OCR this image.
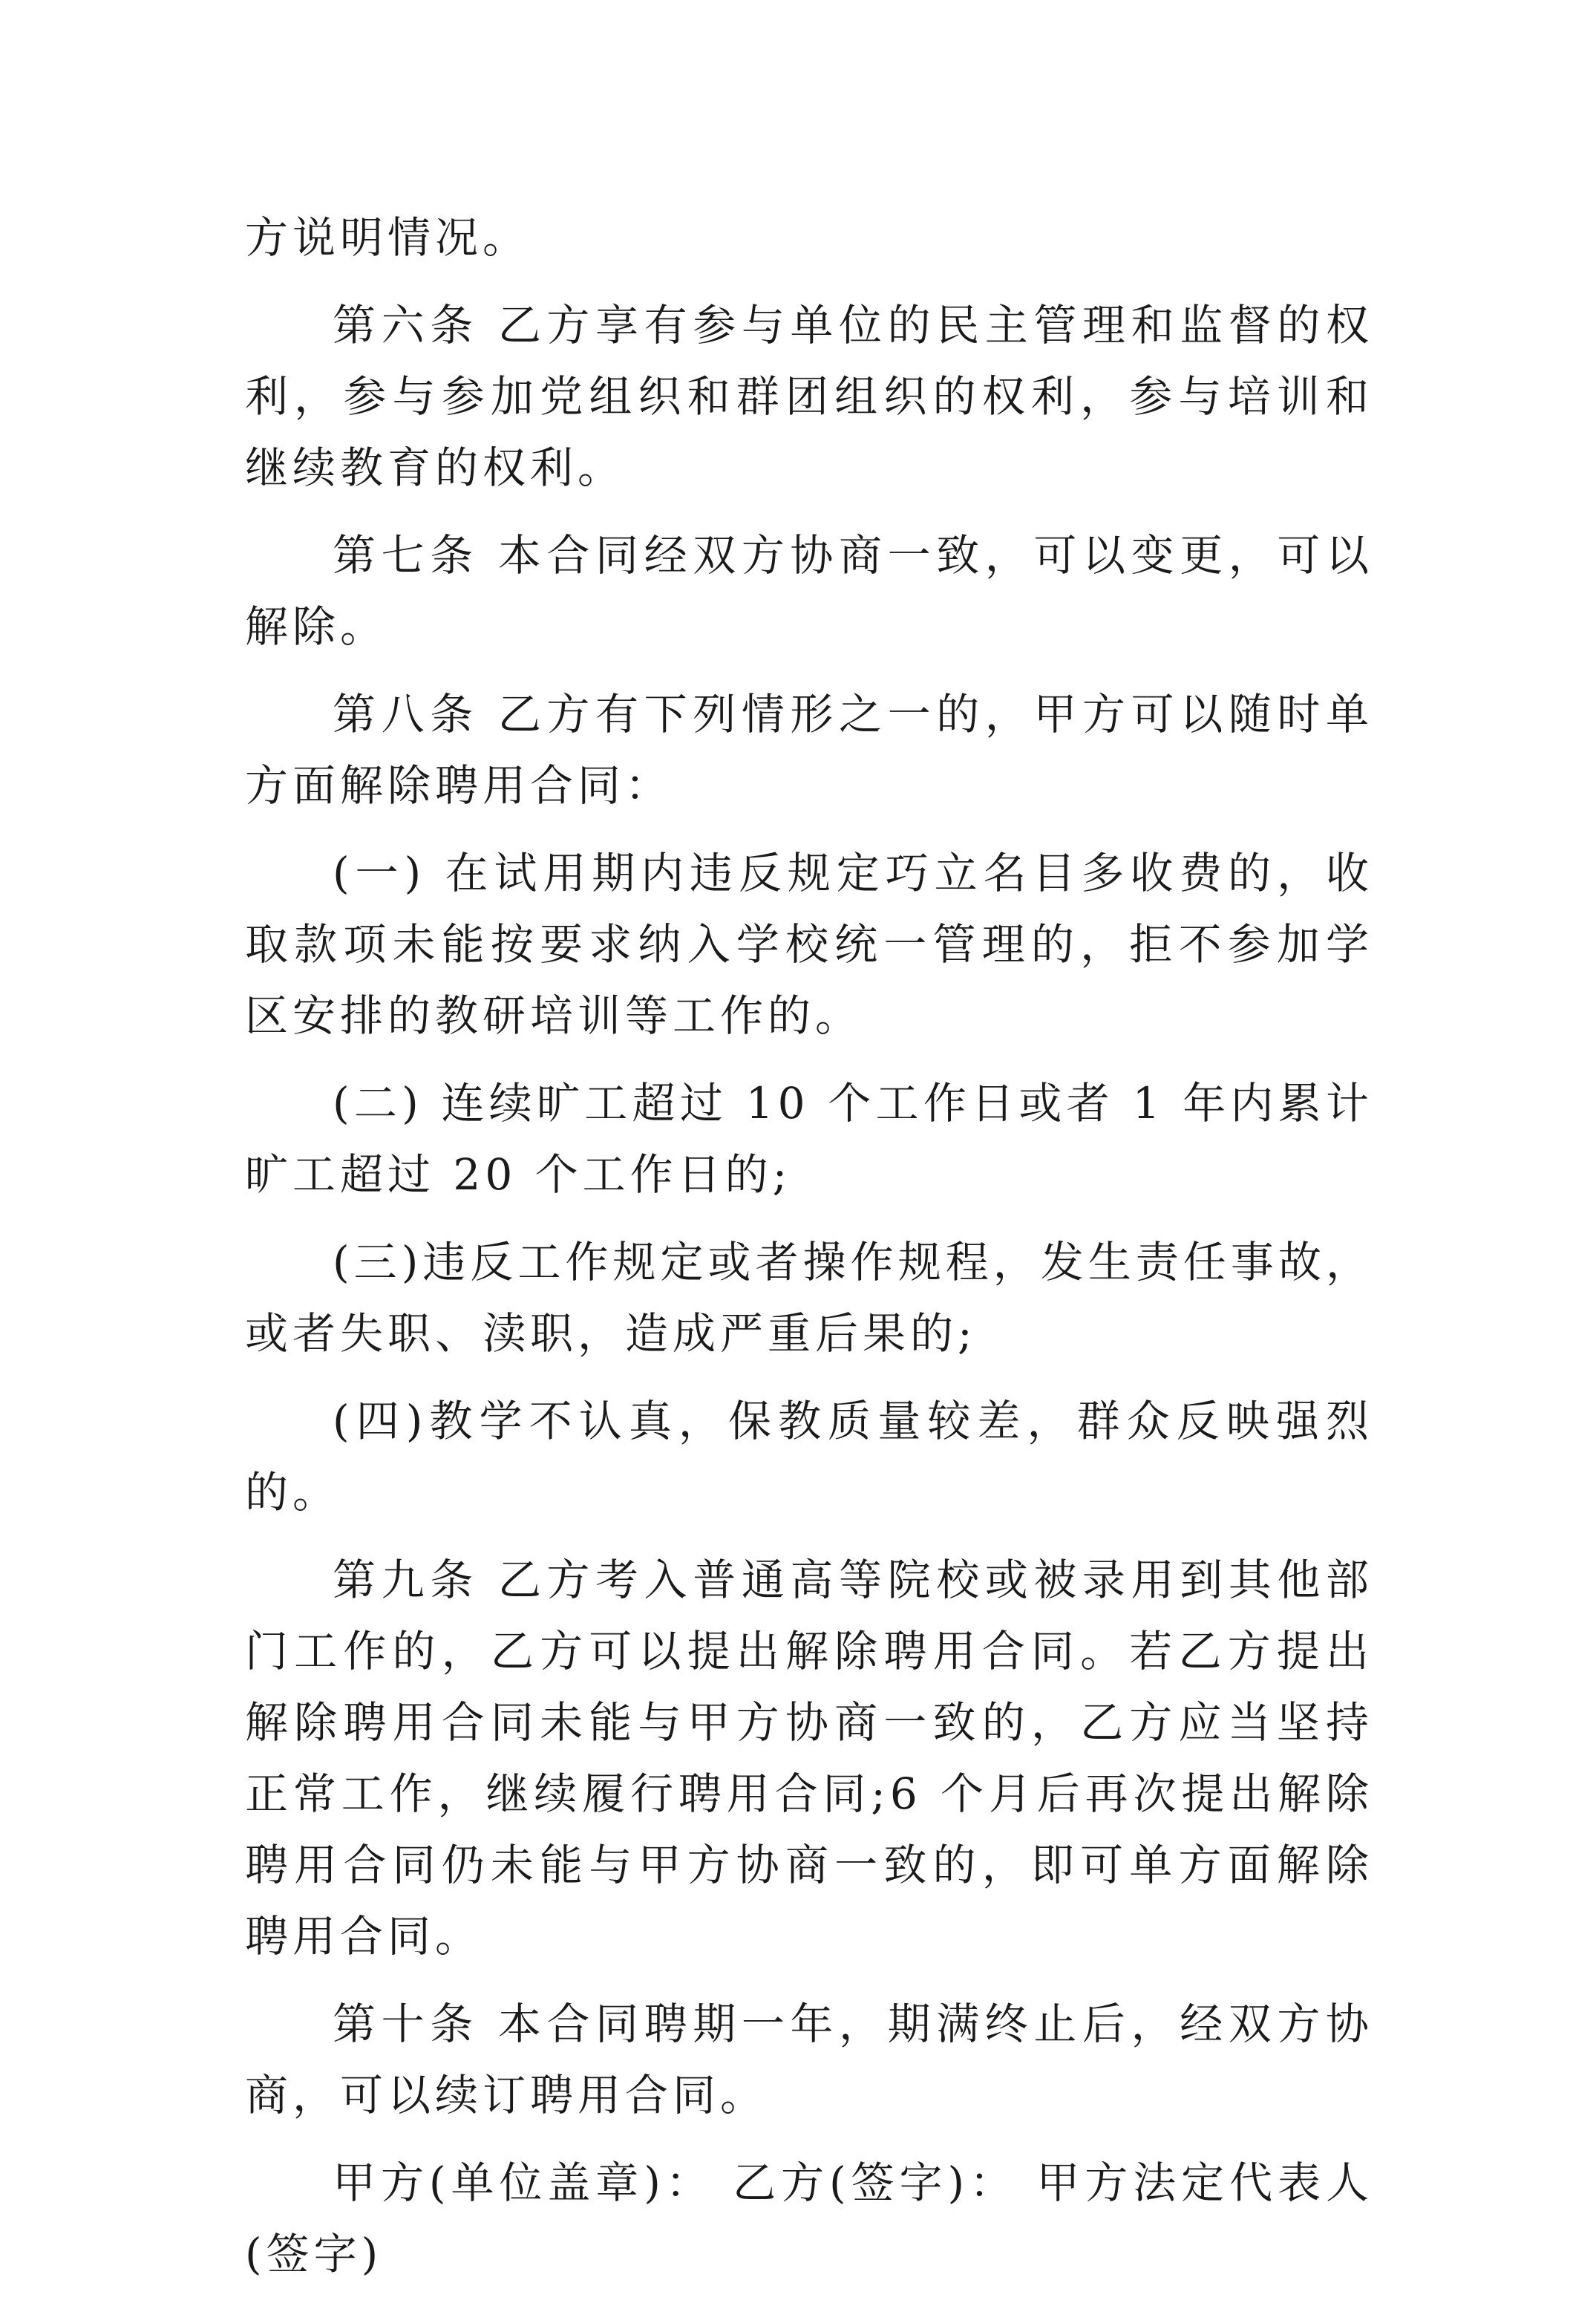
方说明情况。

第六条 乙方享有参与单位的民主管理和监督的权利，参与参加党组织和群团组织的权利，参与培训和继续教育的权利。

第七条 本合同经双方协商一致，可以变更，可以解除。

第八条 乙方有下列情形之一的，甲方可以随时单方面解除聘用合同：

(一) 在试用期内违反规定巧立名目多收费的，收取款项未能按要求纳入学校统一管理的，拒不参加学区安排的教研培训等工作的。

(二) 连续旷工超过 10 个工作日或者 1 年内累计旷工超过 20 个工作日的;

(三)违反工作规定或者操作规程，发生责任事故，或者失职、渎职，造成严重后果的;

(四)教学不认真，保教质量较差，群众反映强烈的。

第九条 乙方考入普通高等院校或被录用到其他部门工作的，乙方可以提出解除聘用合同。若乙方提出解除聘用合同未能与甲方协商一致的，乙方应当坚持正常工作，继续履行聘用合同;6 个月后再次提出解除聘用合同仍未能与甲方协商一致的，即可单方面解除聘用合同。

第十条 本合同聘期一年，期满终止后，经双方协商，可以续订聘用合同。

甲方(单位盖章)： 乙方(签字)： 甲方法定代表人(签字)
